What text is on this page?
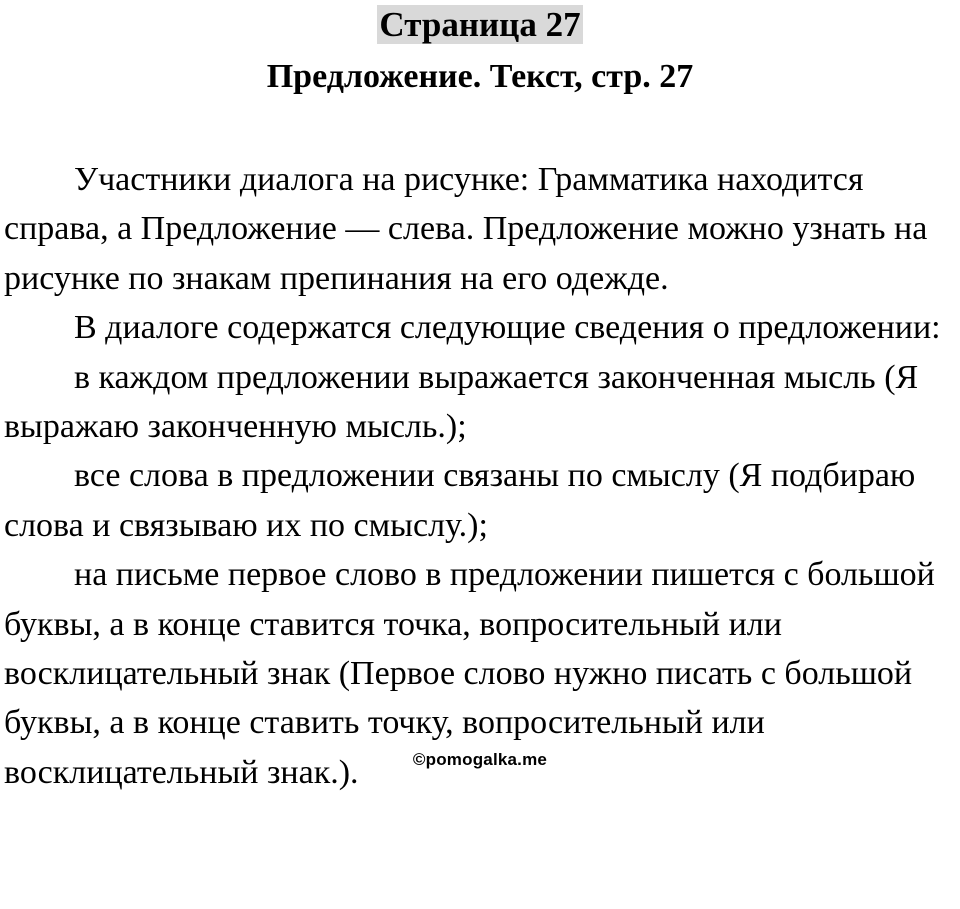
Страница 27
Предложение. Текст, стр. 27

Участники диалога на рисунке: Грамматика находится справа, а Предложение — слева. Предложение можно узнать на рисунке по знакам препинания на его одежде.

В диалоге содержатся следующие сведения о предложении:

в каждом предложении выражается законченная мысль (Я выражаю законченную мысль.);

все слова в предложении связаны по смыслу (Я подбираю слова и связываю их по смыслу.);

на письме первое слово в предложении пишется с большой буквы, а в конце ставится точка, вопросительный или восклицательный знак (Первое слово нужно писать с большой буквы, а в конце ставить точку, вопросительный или восклицательный знак.).	©pomogalka.me
